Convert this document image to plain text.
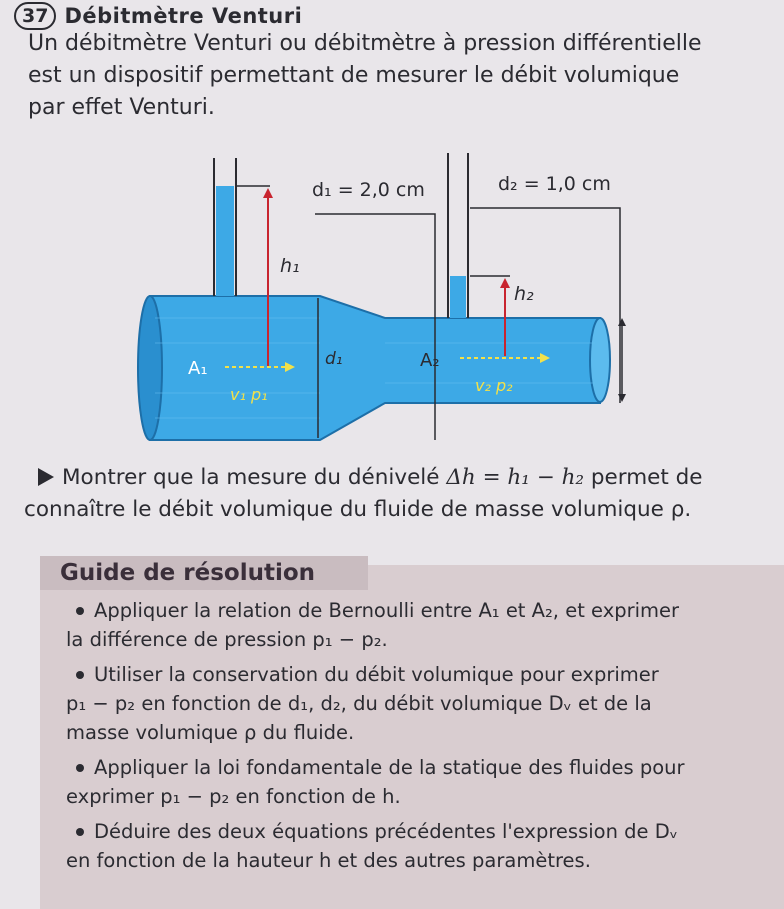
37 Débitmètre Venturi
Un débitmètre Venturi ou débitmètre à pression différentielle
est un dispositif permettant de mesurer le débit volumique
par effet Venturi.
d₁ = 2,0 cm	d₂ = 1,0 cm
h₁
h₂
d₁
A₁	A₂
v₁ p₁	v₂ p₂
Montrer que la mesure du dénivelé Δh = h₁ − h₂ permet de
connaître le débit volumique du fluide de masse volumique ρ.
Guide de résolution
Appliquer la relation de Bernoulli entre A₁ et A₂, et exprimer
la différence de pression p₁ − p₂.
Utiliser la conservation du débit volumique pour exprimer
p₁ − p₂ en fonction de d₁, d₂, du débit volumique Dᵥ et de la
masse volumique ρ du fluide.
Appliquer la loi fondamentale de la statique des fluides pour
exprimer p₁ − p₂ en fonction de h.
Déduire des deux équations précédentes l'expression de Dᵥ
en fonction de la hauteur h et des autres paramètres.
